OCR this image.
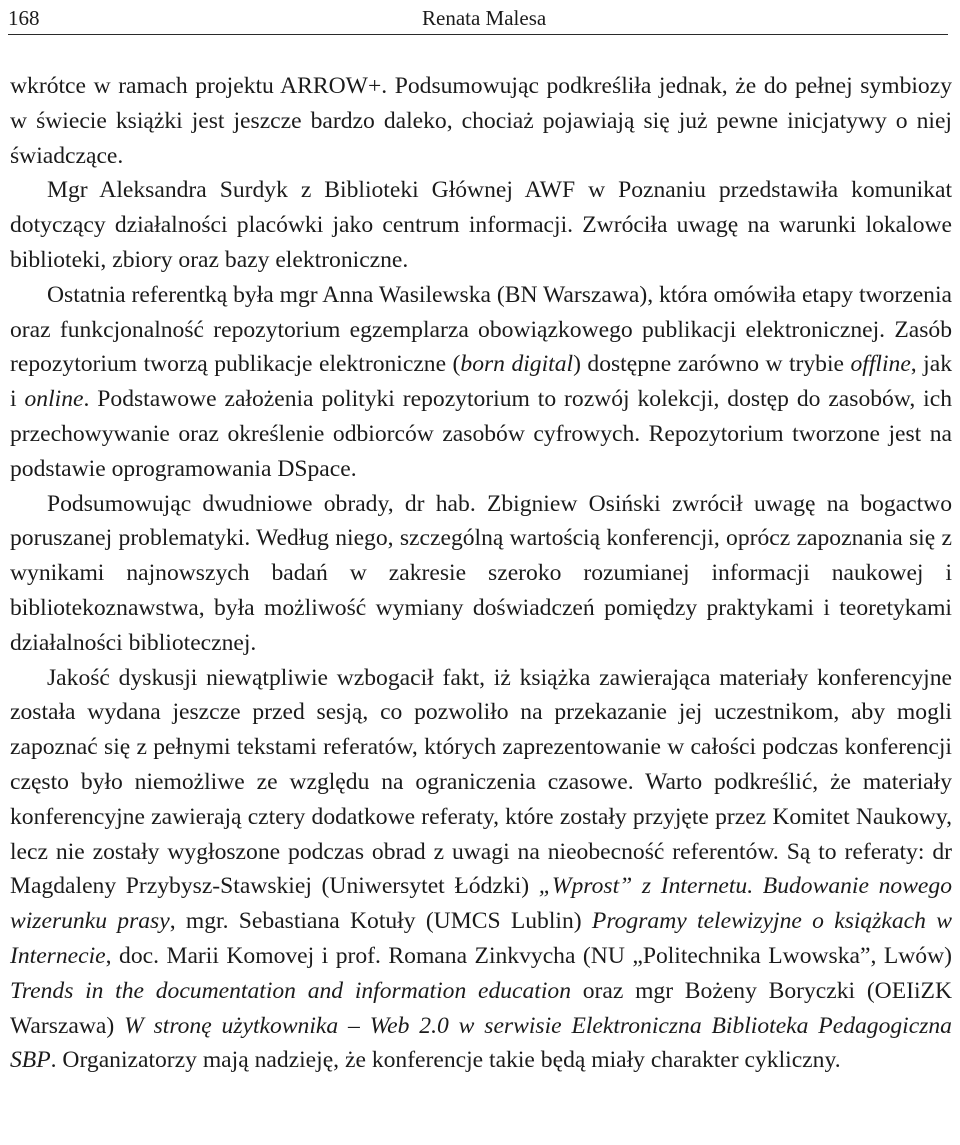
168	Renata Malesa

wkrótce w ramach projektu ARROW+. Podsumowując podkreśliła jednak, że do pełnej symbiozy w świecie książki jest jeszcze bardzo daleko, chociaż pojawiają się już pewne inicjatywy o niej świadczące.

Mgr Aleksandra Surdyk z Biblioteki Głównej AWF w Poznaniu przedstawiła komunikat dotyczący działalności placówki jako centrum informacji. Zwróciła uwagę na warunki lokalowe biblioteki, zbiory oraz bazy elektroniczne.

Ostatnia referentką była mgr Anna Wasilewska (BN Warszawa), która omówiła etapy tworzenia oraz funkcjonalność repozytorium egzemplarza obowiązkowego publikacji elektronicznej. Zasób repozytorium tworzą publikacje elektroniczne (born digital) dostępne zarówno w trybie offline, jak i online. Podstawowe założenia polityki repozytorium to rozwój kolekcji, dostęp do zasobów, ich przechowywanie oraz określenie odbiorców zasobów cyfrowych. Repozytorium tworzone jest na podstawie oprogramowania DSpace.

Podsumowując dwudniowe obrady, dr hab. Zbigniew Osiński zwrócił uwagę na bogactwo poruszanej problematyki. Według niego, szczególną wartością konferencji, oprócz zapoznania się z wynikami najnowszych badań w zakresie szeroko rozumianej informacji naukowej i bibliotekoznawstwa, była możliwość wymiany doświadczeń pomiędzy praktykami i teoretykami działalności bibliotecznej.

Jakość dyskusji niewątpliwie wzbogacił fakt, iż książka zawierająca materiały konferencyjne została wydana jeszcze przed sesją, co pozwoliło na przekazanie jej uczestnikom, aby mogli zapoznać się z pełnymi tekstami referatów, których zaprezentowanie w całości podczas konferencji często było niemożliwe ze względu na ograniczenia czasowe. Warto podkreślić, że materiały konferencyjne zawierają cztery dodatkowe referaty, które zostały przyjęte przez Komitet Naukowy, lecz nie zostały wygłoszone podczas obrad z uwagi na nieobecność referentów. Są to referaty: dr Magdaleny Przybysz-Stawskiej (Uniwersytet Łódzki) „Wprost” z Internetu. Budowanie nowego wizerunku prasy, mgr. Sebastiana Kotuły (UMCS Lublin) Programy telewizyjne o książkach w Internecie, doc. Marii Komovej i prof. Romana Zinkvycha (NU „Politechnika Lwowska”, Lwów) Trends in the documentation and information education oraz mgr Bożeny Boryczki (OEIiZK Warszawa) W stronę użytkownika – Web 2.0 w serwisie Elektroniczna Biblioteka Pedagogiczna SBP. Organizatorzy mają nadzieję, że konferencje takie będą miały charakter cykliczny.
